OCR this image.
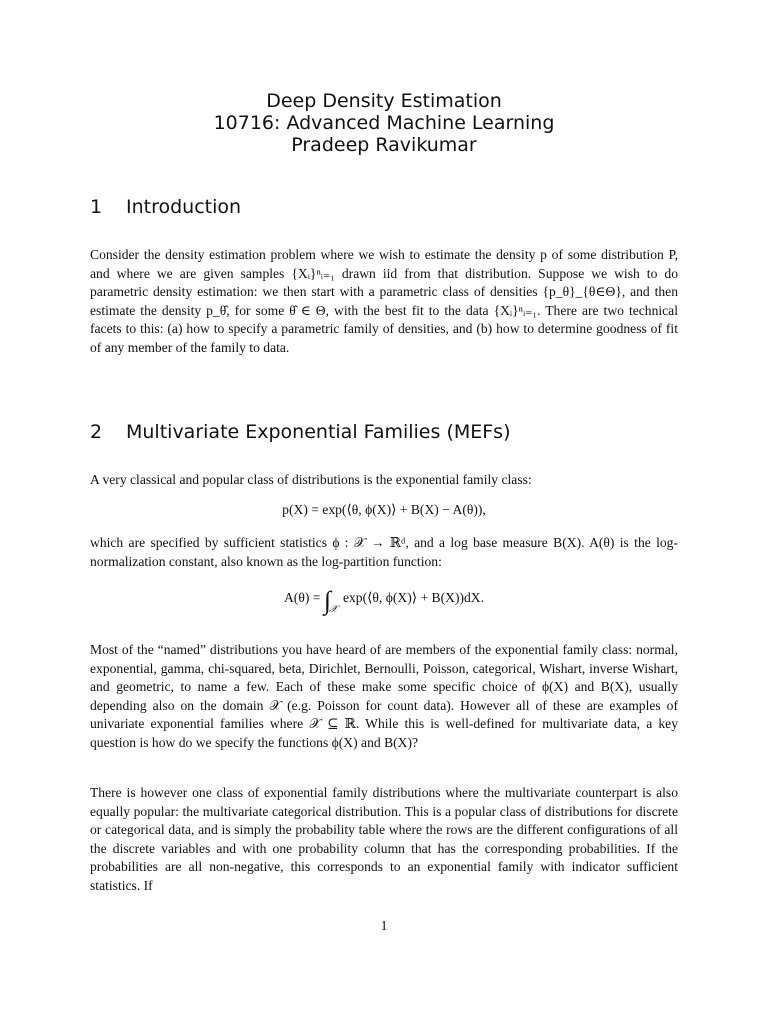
Deep Density Estimation
10716: Advanced Machine Learning
Pradeep Ravikumar
1 Introduction
Consider the density estimation problem where we wish to estimate the density p of some distribution P, and where we are given samples {Xᵢ}ⁿᵢ₌₁ drawn iid from that distribution. Suppose we wish to do parametric density estimation: we then start with a parametric class of densities {p_θ}_{θ∈Θ}, and then estimate the density p_θ̂, for some θ̂ ∈ Θ, with the best fit to the data {Xᵢ}ⁿᵢ₌₁. There are two technical facets to this: (a) how to specify a parametric family of densities, and (b) how to determine goodness of fit of any member of the family to data.
2 Multivariate Exponential Families (MEFs)
A very classical and popular class of distributions is the exponential family class:
p(X) = exp(⟨θ, ϕ(X)⟩ + B(X) − A(θ)),
which are specified by sufficient statistics ϕ : 𝒳 → ℝᵈ, and a log base measure B(X). A(θ) is the log-normalization constant, also known as the log-partition function:
$A(\theta) = \int_𝒳$ exp(⟨θ, ϕ(X)⟩ + B(X))dX.
Most of the “named” distributions you have heard of are members of the exponential family class: normal, exponential, gamma, chi-squared, beta, Dirichlet, Bernoulli, Poisson, categorical, Wishart, inverse Wishart, and geometric, to name a few. Each of these make some specific choice of ϕ(X) and B(X), usually depending also on the domain 𝒳 (e.g. Poisson for count data). However all of these are examples of univariate exponential families where 𝒳 ⊆ ℝ. While this is well-defined for multivariate data, a key question is how do we specify the functions ϕ(X) and B(X)?
There is however one class of exponential family distributions where the multivariate counterpart is also equally popular: the multivariate categorical distribution. This is a popular class of distributions for discrete or categorical data, and is simply the probability table where the rows are the different configurations of all the discrete variables and with one probability column that has the corresponding probabilities. If the probabilities are all non-negative, this corresponds to an exponential family with indicator sufficient statistics. If
1
